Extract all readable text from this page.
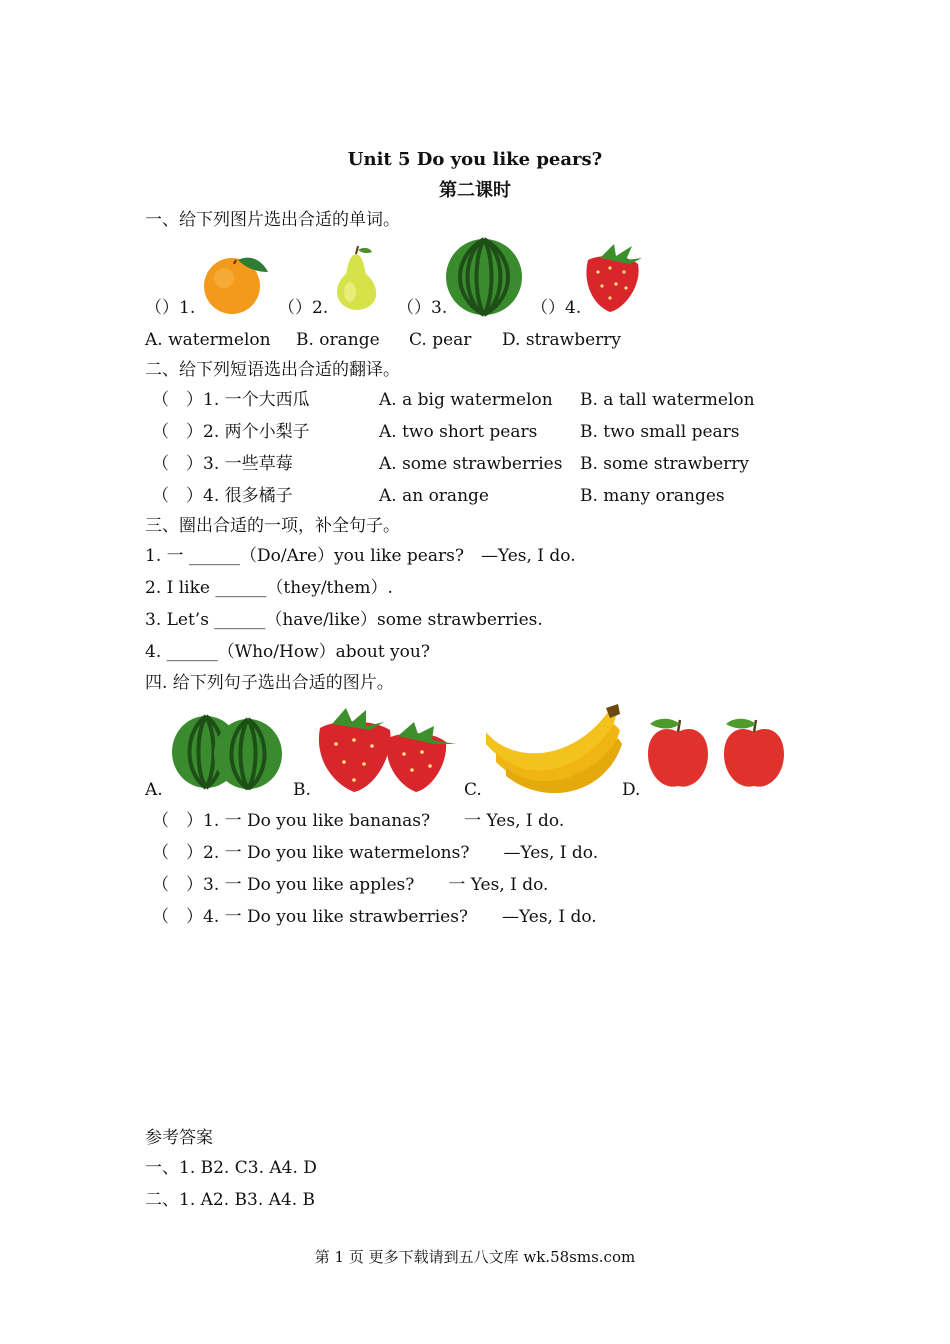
Unit 5 Do you like pears?
第二课时
一、给下列图片选出合适的单词。
（）1.	（）2.	（）3.	（）4.
A. watermelon B. orange C. pear D. strawberry
二、给下列短语选出合适的翻译。
（　）1. 一个大西瓜	A. a big watermelon B. a tall watermelon
（　）2. 两个小梨子	A. two short pears	B. two small pears
（　）3. 一些草莓	A. some strawberries B. some strawberry
（　）4. 很多橘子	A. an orange	B. many oranges
三、圈出合适的一项，补全句子。
1. 一 ______（Do/Are）you like pears?　—Yes, I do.
2. I like ______（they/them）.
3. Let’s ______（have/like）some strawberries.
4. ______（Who/How）about you?
四. 给下列句子选出合适的图片。
A.	B.	C.	D.
（　）1. 一 Do you like bananas?　　一 Yes, I do.
（　）2. 一 Do you like watermelons?　　—Yes, I do.
（　）3. 一 Do you like apples?　　一 Yes, I do.
（　）4. 一 Do you like strawberries?　　—Yes, I do.
参考答案
一、1. B2. C3. A4. D
二、1. A2. B3. A4. B
第 1 页 更多下载请到五八文库 wk.58sms.com
